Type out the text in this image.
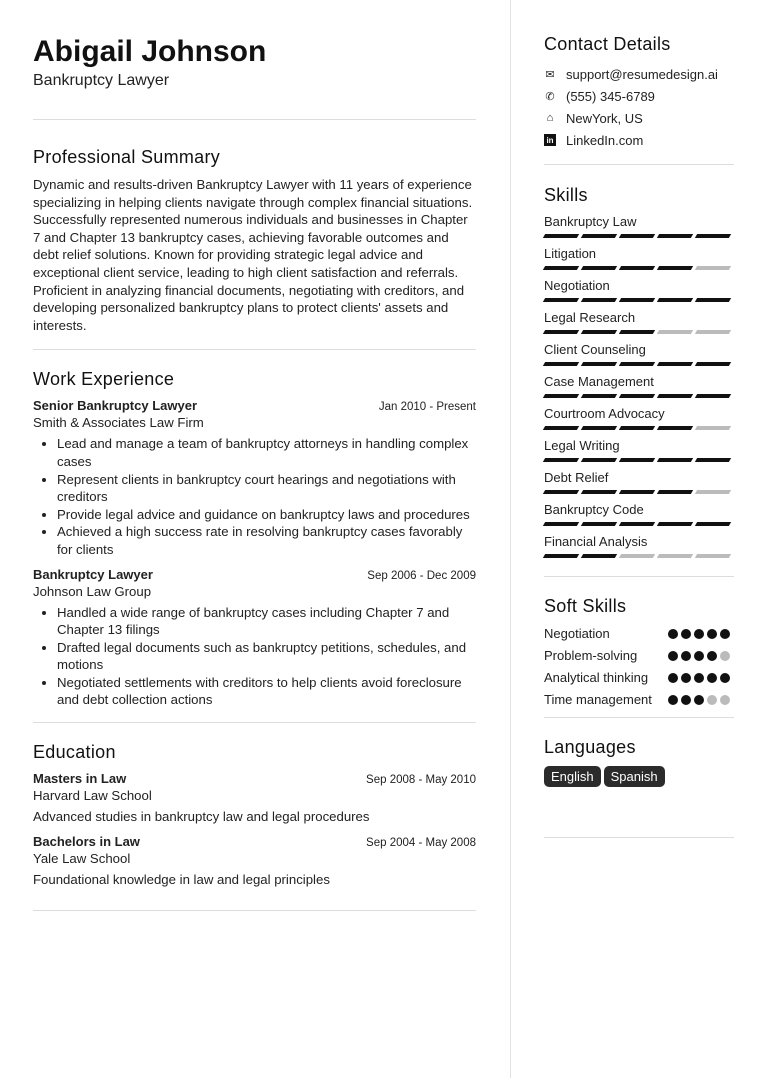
Abigail Johnson
Bankruptcy Lawyer
Professional Summary

Dynamic and results-driven Bankruptcy Lawyer with 11 years of experience specializing in helping clients navigate through complex financial situations. Successfully represented numerous individuals and businesses in Chapter 7 and Chapter 13 bankruptcy cases, achieving favorable outcomes and debt relief solutions. Known for providing strategic legal advice and exceptional client service, leading to high client satisfaction and referrals. Proficient in analyzing financial documents, negotiating with creditors, and developing personalized bankruptcy plans to protect clients' assets and interests.

Work Experience
Senior Bankruptcy Lawyer	Jan 2010 - Present
Smith & Associates Law Firm
• Lead and manage a team of bankruptcy attorneys in handling complex cases
• Represent clients in bankruptcy court hearings and negotiations with creditors
• Provide legal advice and guidance on bankruptcy laws and procedures
• Achieved a high success rate in resolving bankruptcy cases favorably for clients
Bankruptcy Lawyer	Sep 2006 - Dec 2009
Johnson Law Group
• Handled a wide range of bankruptcy cases including Chapter 7 and Chapter 13 filings
• Drafted legal documents such as bankruptcy petitions, schedules, and motions
• Negotiated settlements with creditors to help clients avoid foreclosure and debt collection actions
Education
Masters in Law	Sep 2008 - May 2010
Harvard Law School

Advanced studies in bankruptcy law and legal procedures

Bachelors in Law	Sep 2004 - May 2008
Yale Law School

Foundational knowledge in law and legal principles

Contact Details
✉ support@resumedesign.ai
✆ (555) 345-6789
⌂ NewYork, US
in LinkedIn.com
Skills
Bankruptcy Law
Litigation
Negotiation
Legal Research
Client Counseling
Case Management
Courtroom Advocacy
Legal Writing
Debt Relief
Bankruptcy Code
Financial Analysis
Soft Skills
Negotiation
Problem-solving
Analytical thinking
Time management
Languages
English Spanish
